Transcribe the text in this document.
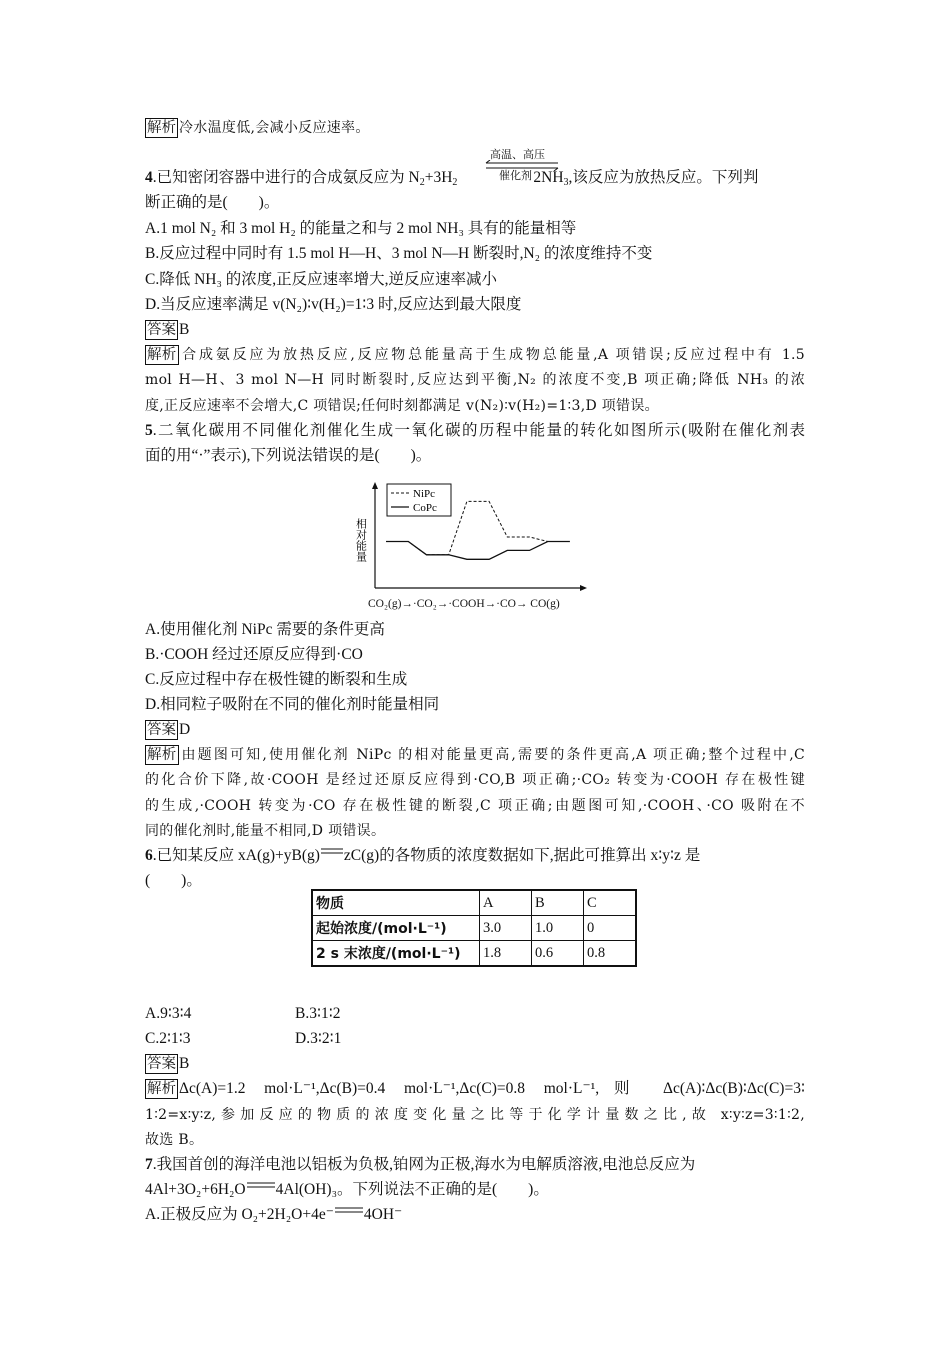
解析 冷水温度低,会减小反应速率。
4.已知密闭容器中进行的合成氨反应为 $N_2+3H_2$	$2NH_3$,该反应为放热反应。下列判
高温、高压
催化剂
断正确的是(　　)。
A.1 mol N₂ 和 3 mol H₂ 的能量之和与 2 mol NH₃ 具有的能量相等
B.反应过程中同时有 1.5 mol H—H、3 mol N—H 断裂时,N₂ 的浓度维持不变
C.降低 NH₃ 的浓度,正反应速率增大,逆反应速率减小
D.当反应速率满足 v(N₂)∶v(H₂)=1∶3 时,反应达到最大限度
答案 B
解析 合成氨反应为放热反应,反应物总能量高于生成物总能量,A 项错误;反应过程中有 1.5
mol H—H、3 mol N—H 同时断裂时,反应达到平衡,N₂ 的浓度不变,B 项正确;降低 NH₃ 的浓
度,正反应速率不会增大,C 项错误;任何时刻都满足 v(N₂)∶v(H₂)=1∶3,D 项错误。
5.二氧化碳用不同催化剂催化生成一氧化碳的历程中能量的转化如图所示(吸附在催化剂表
面的用“·”表示),下列说法错误的是(　　)。
相对能量
NiPc
CoPc
CO₂(g)→·CO₂→·COOH→·CO→ CO(g)
A.使用催化剂 NiPc 需要的条件更高
B.·COOH 经过还原反应得到·CO
C.反应过程中存在极性键的断裂和生成
D.相同粒子吸附在不同的催化剂时能量相同
答案 D
解析 由题图可知,使用催化剂 NiPc 的相对能量更高,需要的条件更高,A 项正确;整个过程中,C
的化合价下降,故·COOH 是经过还原反应得到·CO,B 项正确;·CO₂ 转变为·COOH 存在极性键
的生成,·COOH 转变为·CO 存在极性键的断裂,C 项正确;由题图可知,·COOH、·CO 吸附在不
同的催化剂时,能量不相同,D 项错误。
6.已知某反应 xA(g)+yB(g) zC(g)的各物质的浓度数据如下,据此可推算出 x∶y∶z 是
(　　)。
物质	A	B	C
起始浓度/(mol·L⁻¹)	3.0	1.0	0
2 s 末浓度/(mol·L⁻¹)	1.8	0.6	0.8
A.9∶3∶4	B.3∶1∶2
C.2∶1∶3	D.3∶2∶1
答案 B
解析 Δc(A)=1.2 mol·L⁻¹,Δc(B)=0.4 mol·L⁻¹,Δc(C)=0.8 mol·L⁻¹,则 Δc(A)∶Δc(B)∶Δc(C)=3∶
1∶2=x∶y∶z,参加反应的物质的浓度变化量之比等于化学计量数之比,故 x∶y∶z=3∶1∶2,
故选 B。
7.我国首创的海洋电池以铝板为负极,铂网为正极,海水为电解质溶液,电池总反应为
4Al+3O₂+6H₂O 4Al(OH)₃。下列说法不正确的是(　　)。
A.正极反应为 O₂+2H₂O+4e⁻ 4OH⁻
